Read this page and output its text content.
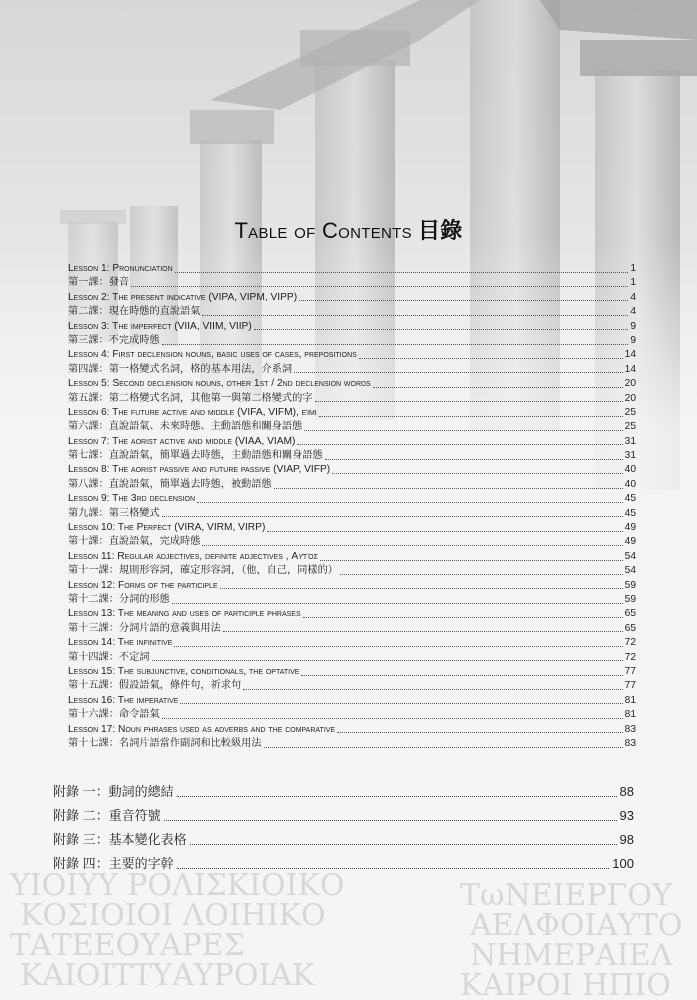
ΥΙΟΙΥΥ ΡΟΛΙΣΚΙΟΙΚΟ
ΚΟΣΙΟΙΟΙ ΛΟΙΗΙΚΟ
ΤΑΤΕΕΟΥΑΡΕΣ
ΚΑΙΟΙΤΤΥΑΥΡΟΙΑΚ
ΤωΝΕΙΕΡΓΟΥ
ΑΕΛΦΟΙΑΥΤΟ
ΝΗΜΕΡΑΙΕΛ
ΚΑΙΡΟΙ ΗΠΙΟ
Table of Contents 目錄
Lesson 1: Pronunciation	1
第一課：發音	1
Lesson 2: The present indicative (VIPA, VIPM, VIPP)	4
第二課：現在時態的直說語氣	4
Lesson 3: The imperfect (VIIA, VIIM, VIIP)	9
第三課：不完成時態	9
Lesson 4: First declension nouns, basic uses of cases, prepositions	14
第四課：第一格變式名詞，格的基本用法，介系詞	14
Lesson 5: Second declension nouns, other 1st / 2nd declension words	20
第五課：第二格變式名詞，其他第一與第二格變式的字	20
Lesson 6: The future active and middle (VIFA, VIFM), εἰμι	25
第六課：直說語氣、未來時態、主動語態和關身語態	25
Lesson 7: The aorist active and middle (VIAA, VIAM)	31
第七課：直說語氣，簡單過去時態，主動語態和關身語態	31
Lesson 8: The aorist passive and future passive (VIAP, VIFP)	40
第八課：直說語氣，簡單過去時態，被動語態	40
Lesson 9: The 3rd declension	45
第九課：第三格變式	45
Lesson 10: The Perfect (VIRA, VIRM, VIRP)	49
第十課：直說語氣，完成時態	49
Lesson 11: Regular adjectives, definite adjectives , Αὐτὸς	54
第十一課：規則形容詞，確定形容詞，（他，自己，同樣的）	54
Lesson 12: Forms of the participle	59
第十二課：分詞的形態	59
Lesson 13: The meaning and uses of participle phrases	65
第十三課：分詞片語的意義與用法	65
Lesson 14: The infinitive	72
第十四課：不定詞	72
Lesson 15: The subjunctive, conditionals, the optative	77
第十五課：假設語氣，條件句，祈求句	77
Lesson 16: The imperative	81
第十六課：命令語氣	81
Lesson 17: Noun phrases used as adverbs and the comparative	83
第十七課：名詞片語當作副詞和比較級用法	83
附錄 一：動詞的總結	88
附錄 二：重音符號	93
附錄 三：基本變化表格	98
附錄 四：主要的字幹	100
